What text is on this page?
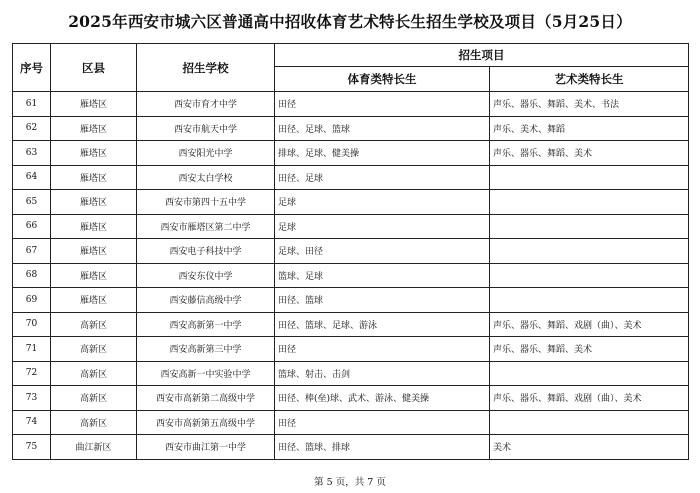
2025年西安市城六区普通高中招收体育艺术特长生招生学校及项目（5月25日）
序号	区县	招生学校	招生项目	
			体育类特长生	艺术类特长生
61	雁塔区	西安市育才中学	田径	声乐、器乐、舞蹈、美术、书法
62	雁塔区	西安市航天中学	田径、足球、篮球	声乐、美术、舞蹈
63	雁塔区	西安阳光中学	排球、足球、健美操	声乐、器乐、舞蹈、美术
64	雁塔区	西安太白学校	田径、足球	
65	雁塔区	西安市第四十五中学	足球	
66	雁塔区	西安市雁塔区第二中学	足球	
67	雁塔区	西安电子科技中学	足球、田径	
68	雁塔区	西安东仪中学	篮球、足球	
69	雁塔区	西安藤信高级中学	田径、篮球	
70	高新区	西安高新第一中学	田径、篮球、足球、游泳	声乐、器乐、舞蹈、戏剧（曲）、美术
71	高新区	西安高新第三中学	田径	声乐、器乐、舞蹈、美术
72	高新区	西安高新一中实验中学	篮球、射击、击剑	
73	高新区	西安市高新第二高级中学	田径、棒(垒)球、武术、游泳、健美操	声乐、器乐、舞蹈、戏剧（曲）、美术
74	高新区	西安市高新第五高级中学	田径	
75	曲江新区	西安市曲江第一中学	田径、篮球、排球	美术
第 5 页，共 7 页
